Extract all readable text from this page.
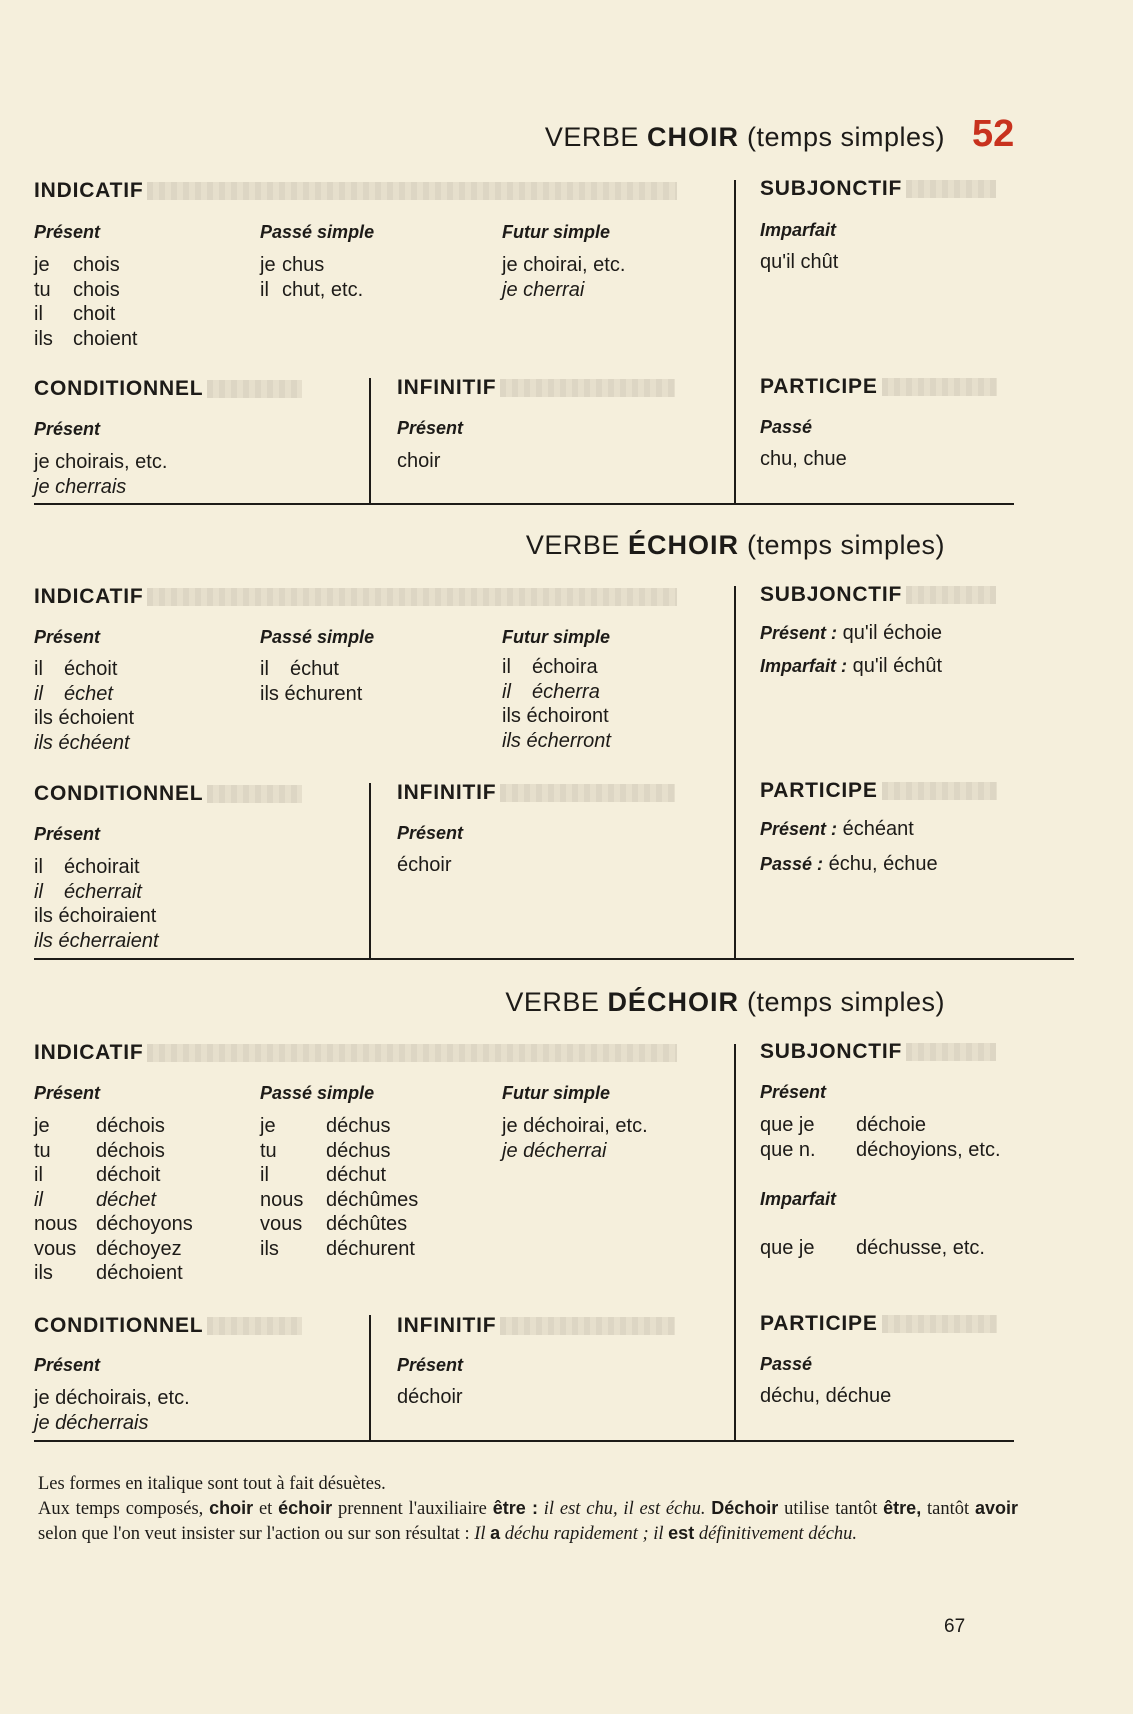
VERBE CHOIR (temps simples) 52
INDICATIF
Présent
je	chois
tu	chois
il	choit
ils	choient
Passé simple
je chus
il chut, etc.
Futur simple
je choirai, etc.
je cherrai
SUBJONCTIF
Imparfait
qu'il chût
CONDITIONNEL
Présent
je choirais, etc.
je cherrais
INFINITIF
Présent
choir
PARTICIPE
Passé
chu, chue
VERBE ÉCHOIR (temps simples)
INDICATIF
Présent
il	échoit
il	échet
ils échoient
ils échéent
Passé simple
il	échut
ils échurent
Futur simple
il	échoira
il	écherra
ils échoiront
ils écherront
SUBJONCTIF
Présent : qu'il échoie
Imparfait : qu'il échût
CONDITIONNEL
Présent
il	échoirait
il	écherrait
ils échoiraient
ils écherraient
INFINITIF
Présent
échoir
PARTICIPE
Présent : échéant
Passé : échu, échue
VERBE DÉCHOIR (temps simples)
INDICATIF
Présent
je	déchois
tu	déchois
il	déchoit
il	déchet
nous déchoyons
vous déchoyez
ils	déchoient
Passé simple
je	déchus
tu	déchus
il	déchut
nous	déchûmes
vous	déchûtes
ils	déchurent
Futur simple
je déchoirai, etc.
je décherrai
SUBJONCTIF
Présent
que je	déchoie
que n.	déchoyions, etc.
Imparfait
que je	déchusse, etc.
CONDITIONNEL
Présent
je déchoirais, etc.
je décherrais
INFINITIF
Présent
déchoir
PARTICIPE
Passé
déchu, déchue

Les formes en italique sont tout à fait désuètes.

Aux temps composés, choir et échoir prennent l'auxiliaire être : il est chu, il est échu. Déchoir utilise tantôt être, tantôt avoir selon que l'on veut insister sur l'action ou sur son résultat : Il a déchu rapidement ; il est définitivement déchu.

67
